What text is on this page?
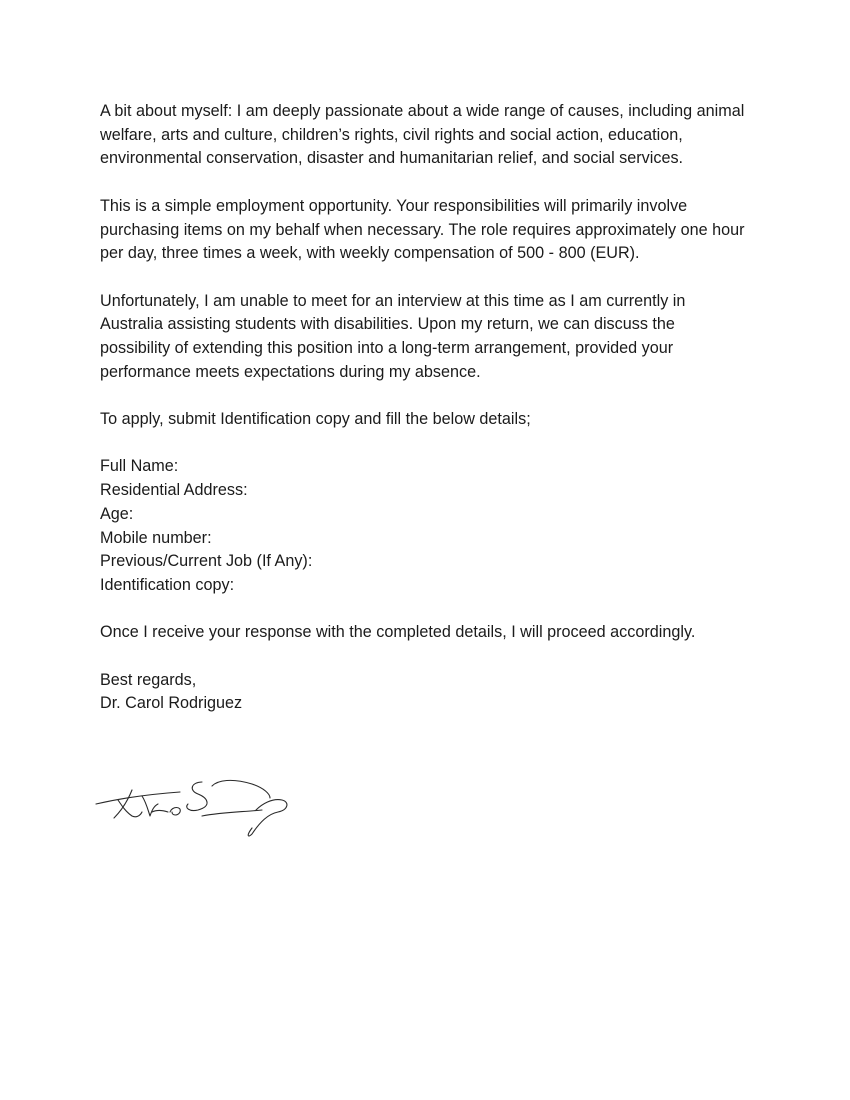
A bit about myself: I am deeply passionate about a wide range of causes, including animal welfare, arts and culture, children’s rights, civil rights and social action, education, environmental conservation, disaster and humanitarian relief, and social services.

This is a simple employment opportunity. Your responsibilities will primarily involve purchasing items on my behalf when necessary. The role requires approximately one hour per day, three times a week, with weekly compensation of 500 - 800 (EUR).

Unfortunately, I am unable to meet for an interview at this time as I am currently in Australia assisting students with disabilities. Upon my return, we can discuss the possibility of extending this position into a long-term arrangement, provided your performance meets expectations during my absence.

To apply, submit Identification copy and fill the below details;

Full Name:
Residential Address:
Age:
Mobile number:
Previous/Current Job (If Any):
Identification copy:

Once I receive your response with the completed details, I will proceed accordingly.

Best regards,
Dr. Carol Rodriguez
